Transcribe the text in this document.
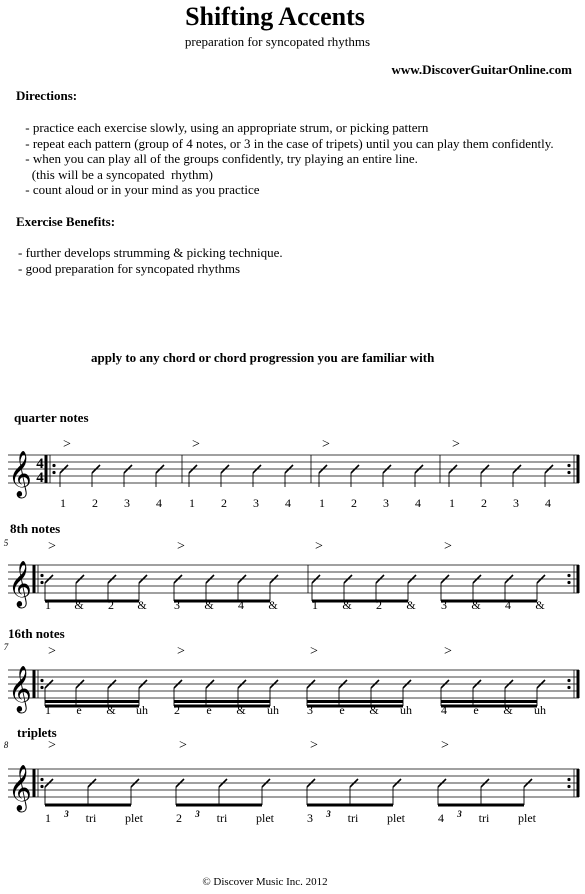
Shifting Accents
preparation for syncopated rhythms
www.DiscoverGuitarOnline.com
Directions:
- practice each exercise slowly, using an appropriate strum, or picking pattern
- repeat each pattern (group of 4 notes, or 3 in the case of tripets) until you can play them confidently.
- when you can play all of the groups confidently, try playing an entire line.
(this will be a syncopated  rhythm)
- count aloud or in your mind as you practice
Exercise Benefits:
- further develops strumming & picking technique.
- good preparation for syncopated rhythms
apply to any chord or chord progression you are familiar with
quarter notes
8th notes
16th notes
triplets
𝄞 4
4
>	>	>	>
1 2 3 4 1 2 3 4 1 2 3 4 1 2 3 4
𝄞
5	>	>	>	>
1 & 2 & 3 & 4 &	1 & 2 & 3 & 4 &
𝄞
7	>	>	>	>
1 e & uh 2 e & uh 3 e & uh 4 e & uh
𝄞
8	>	>	>	>
3	3	3	3
1	tri plet	2	tri plet	3	tri plet	4	tri plet
© Discover Music Inc. 2012
